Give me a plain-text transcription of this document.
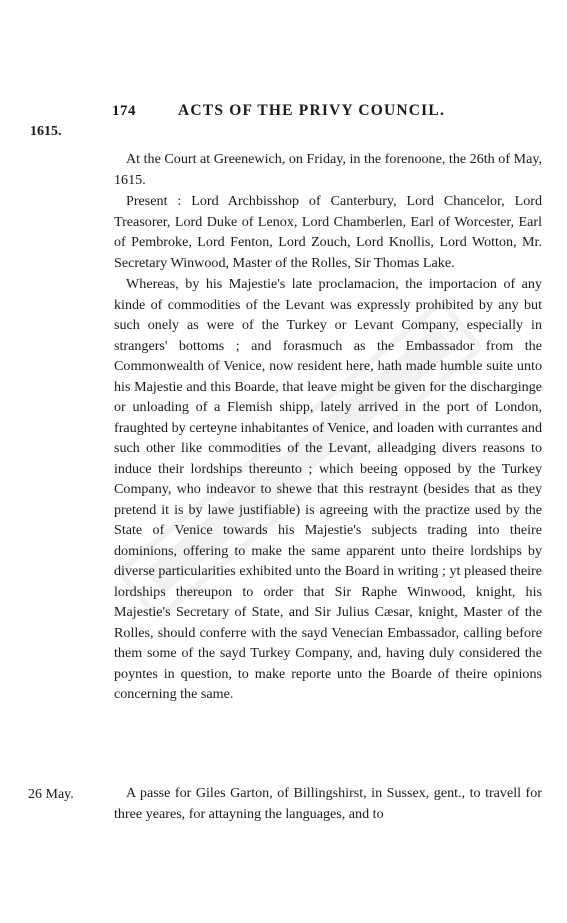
174	ACTS OF THE PRIVY COUNCIL.
1615.

At the Court at Greenewich, on Friday, in the forenoone, the 26th of May, 1615.

Present : Lord Archbisshop of Canterbury, Lord Chancelor, Lord Treasorer, Lord Duke of Lenox, Lord Chamberlen, Earl of Worcester, Earl of Pembroke, Lord Fenton, Lord Zouch, Lord Knollis, Lord Wotton, Mr. Secretary Winwood, Master of the Rolles, Sir Thomas Lake.

Whereas, by his Majestie's late proclamacion, the importacion of any kinde of commodities of the Levant was expressly prohibited by any but such onely as were of the Turkey or Levant Company, especially in strangers' bottoms ; and forasmuch as the Embassador from the Commonwealth of Venice, now resident here, hath made humble suite unto his Majestie and this Boarde, that leave might be given for the discharginge or unloading of a Flemish shipp, lately arrived in the port of London, fraughted by certeyne inhabitantes of Venice, and loaden with currantes and such other like commodities of the Levant, alleadging divers reasons to induce their lordships thereunto ; which beeing opposed by the Turkey Company, who indeavor to shewe that this restraynt (besides that as they pretend it is by lawe justifiable) is agreeing with the practize used by the State of Venice towards his Majestie's subjects trading into theire dominions, offering to make the same apparent unto theire lordships by diverse particularities exhibited unto the Board in writing ; yt pleased theire lordships thereupon to order that Sir Raphe Winwood, knight, his Majestie's Secretary of State, and Sir Julius Cæsar, knight, Master of the Rolles, should conferre with the sayd Venecian Embassador, calling before them some of the sayd Turkey Company, and, having duly considered the poyntes in question, to make reporte unto the Boarde of theire opinions concerning the same.

26 May.	A passe for Giles Garton, of Billingshirst, in Sussex, gent., to travell for three yeares, for attayning the languages, and to
